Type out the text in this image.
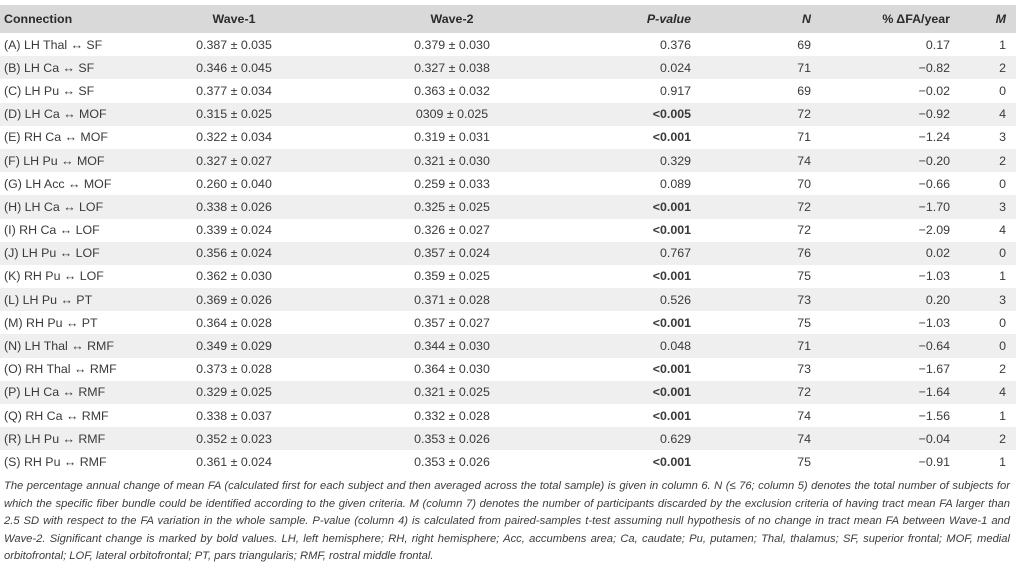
Connection	Wave-1	Wave-2	P-value	N	% ΔFA/year	M
(A) LH Thal ↔ SF	0.387 ± 0.035	0.379 ± 0.030	0.376	69	0.17	1
(B) LH Ca ↔ SF	0.346 ± 0.045	0.327 ± 0.038	0.024	71	−0.82	2
(C) LH Pu ↔ SF	0.377 ± 0.034	0.363 ± 0.032	0.917	69	−0.02	0
(D) LH Ca ↔ MOF	0.315 ± 0.025	0309 ± 0.025	<0.005	72	−0.92	4
(E) RH Ca ↔ MOF	0.322 ± 0.034	0.319 ± 0.031	<0.001	71	−1.24	3
(F) LH Pu ↔ MOF	0.327 ± 0.027	0.321 ± 0.030	0.329	74	−0.20	2
(G) LH Acc ↔ MOF	0.260 ± 0.040	0.259 ± 0.033	0.089	70	−0.66	0
(H) LH Ca ↔ LOF	0.338 ± 0.026	0.325 ± 0.025	<0.001	72	−1.70	3
(I) RH Ca ↔ LOF	0.339 ± 0.024	0.326 ± 0.027	<0.001	72	−2.09	4
(J) LH Pu ↔ LOF	0.356 ± 0.024	0.357 ± 0.024	0.767	76	0.02	0
(K) RH Pu ↔ LOF	0.362 ± 0.030	0.359 ± 0.025	<0.001	75	−1.03	1
(L) LH Pu ↔ PT	0.369 ± 0.026	0.371 ± 0.028	0.526	73	0.20	3
(M) RH Pu ↔ PT	0.364 ± 0.028	0.357 ± 0.027	<0.001	75	−1.03	0
(N) LH Thal ↔ RMF	0.349 ± 0.029	0.344 ± 0.030	0.048	71	−0.64	0
(O) RH Thal ↔ RMF	0.373 ± 0.028	0.364 ± 0.030	<0.001	73	−1.67	2
(P) LH Ca ↔ RMF	0.329 ± 0.025	0.321 ± 0.025	<0.001	72	−1.64	4
(Q) RH Ca ↔ RMF	0.338 ± 0.037	0.332 ± 0.028	<0.001	74	−1.56	1
(R) LH Pu ↔ RMF	0.352 ± 0.023	0.353 ± 0.026	0.629	74	−0.04	2
(S) RH Pu ↔ RMF	0.361 ± 0.024	0.353 ± 0.026	<0.001	75	−0.91	1

The percentage annual change of mean FA (calculated first for each subject and then averaged across the total sample) is given in column 6. N (≤ 76; column 5) denotes the total number of subjects for which the specific fiber bundle could be identified according to the given criteria. M (column 7) denotes the number of participants discarded by the exclusion criteria of having tract mean FA larger than 2.5 SD with respect to the FA variation in the whole sample. P-value (column 4) is calculated from paired-samples t-test assuming null hypothesis of no change in tract mean FA between Wave-1 and Wave-2. Significant change is marked by bold values. LH, left hemisphere; RH, right hemisphere; Acc, accumbens area; Ca, caudate; Pu, putamen; Thal, thalamus; SF, superior frontal; MOF, medial orbitofrontal; LOF, lateral orbitofrontal; PT, pars triangularis; RMF, rostral middle frontal.
